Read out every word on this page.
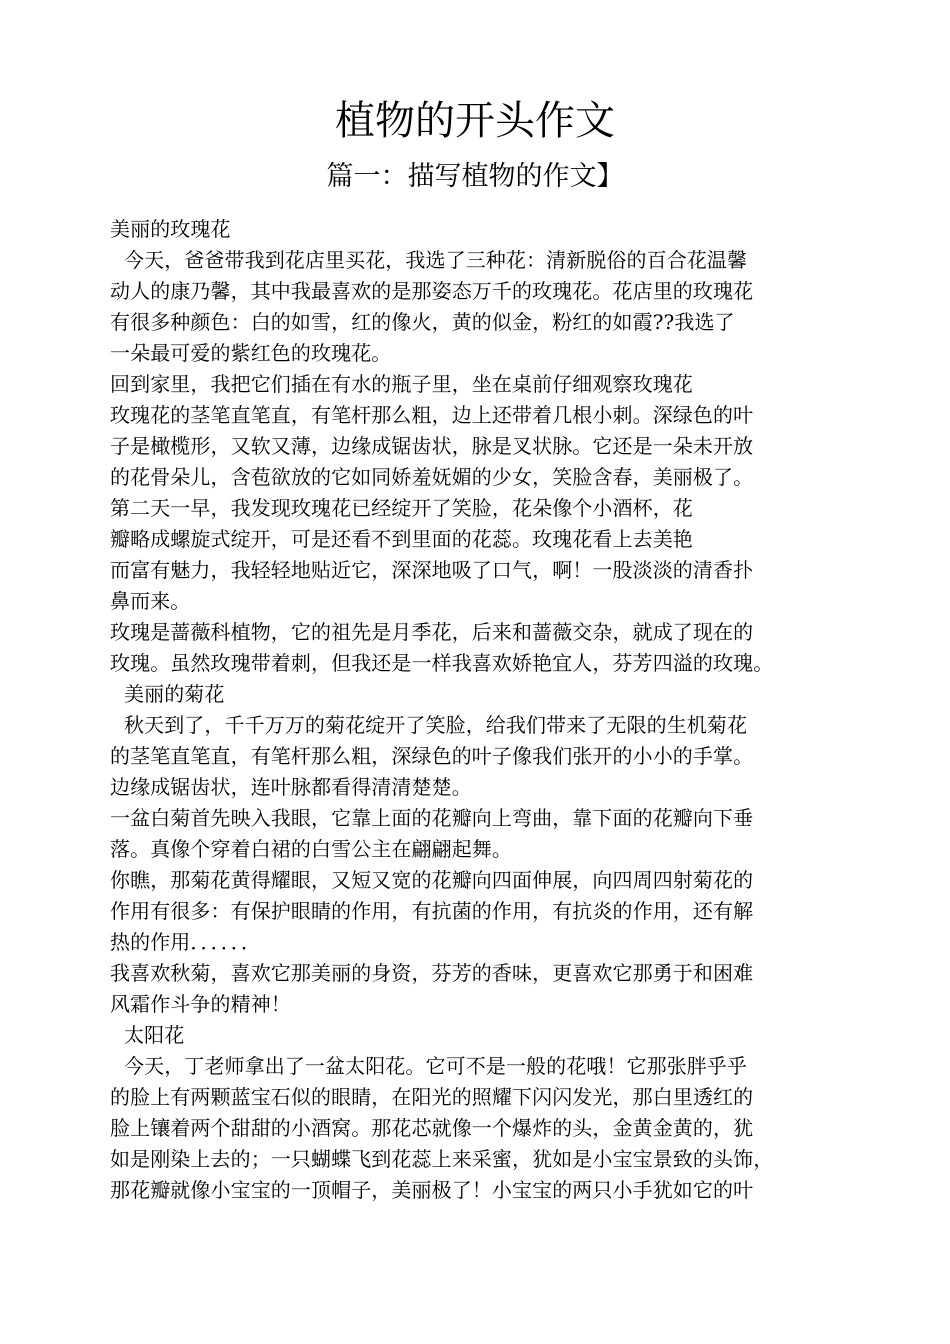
植物的开头作文
篇一：描写植物的作文】
美丽的玫瑰花
今天，爸爸带我到花店里买花，我选了三种花：清新脱俗的百合花温馨
动人的康乃馨，其中我最喜欢的是那姿态万千的玫瑰花。花店里的玫瑰花
有很多种颜色：白的如雪，红的像火，黄的似金，粉红的如霞??我选了
一朵最可爱的紫红色的玫瑰花。
回到家里，我把它们插在有水的瓶子里，坐在桌前仔细观察玫瑰花
玫瑰花的茎笔直笔直，有笔杆那么粗，边上还带着几根小刺。深绿色的叶
子是橄榄形，又软又薄，边缘成锯齿状，脉是叉状脉。它还是一朵未开放
的花骨朵儿，含苞欲放的它如同娇羞妩媚的少女，笑脸含春，美丽极了。
第二天一早，我发现玫瑰花已经绽开了笑脸，花朵像个小酒杯，花
瓣略成螺旋式绽开，可是还看不到里面的花蕊。玫瑰花看上去美艳
而富有魅力，我轻轻地贴近它，深深地吸了口气，啊！一股淡淡的清香扑
鼻而来。
玫瑰是蔷薇科植物，它的祖先是月季花，后来和蔷薇交杂，就成了现在的
玫瑰。虽然玫瑰带着刺，但我还是一样我喜欢娇艳宜人，芬芳四溢的玫瑰。
美丽的菊花
秋天到了，千千万万的菊花绽开了笑脸，给我们带来了无限的生机菊花
的茎笔直笔直，有笔杆那么粗，深绿色的叶子像我们张开的小小的手掌。
边缘成锯齿状，连叶脉都看得清清楚楚。
一盆白菊首先映入我眼，它靠上面的花瓣向上弯曲，靠下面的花瓣向下垂
落。真像个穿着白裙的白雪公主在翩翩起舞。
你瞧，那菊花黄得耀眼，又短又宽的花瓣向四面伸展，向四周四射菊花的
作用有很多：有保护眼睛的作用，有抗菌的作用，有抗炎的作用，还有解
热的作用．．．．．．
我喜欢秋菊，喜欢它那美丽的身资，芬芳的香味，更喜欢它那勇于和困难
风霜作斗争的精神！
太阳花
今天，丁老师拿出了一盆太阳花。它可不是一般的花哦！它那张胖乎乎
的脸上有两颗蓝宝石似的眼睛，在阳光的照耀下闪闪发光，那白里透红的
脸上镶着两个甜甜的小酒窝。那花芯就像一个爆炸的头，金黄金黄的，犹
如是刚染上去的；一只蝴蝶飞到花蕊上来采蜜，犹如是小宝宝景致的头饰，
那花瓣就像小宝宝的一顶帽子，美丽极了！小宝宝的两只小手犹如它的叶
